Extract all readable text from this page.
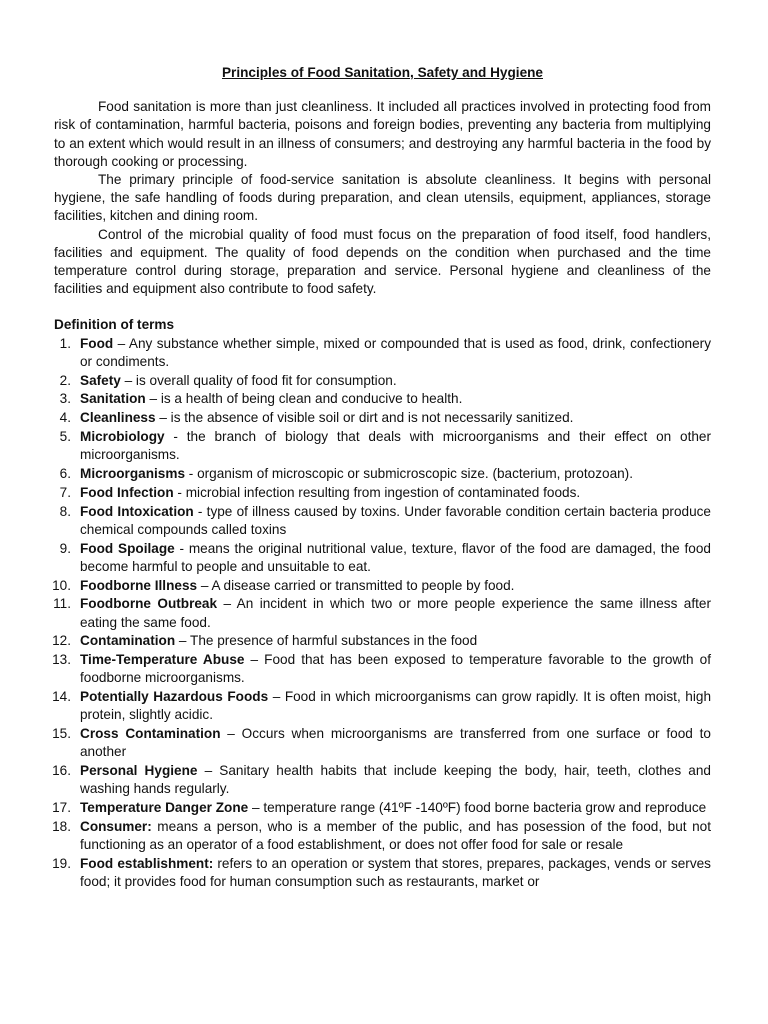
Principles of Food Sanitation, Safety and Hygiene

Food sanitation is more than just cleanliness. It included all practices involved in protecting food from risk of contamination, harmful bacteria, poisons and foreign bodies, preventing any bacteria from multiplying to an extent which would result in an illness of consumers; and destroying any harmful bacteria in the food by thorough cooking or processing.

The primary principle of food-service sanitation is absolute cleanliness. It begins with personal hygiene, the safe handling of foods during preparation, and clean utensils, equipment, appliances, storage facilities, kitchen and dining room.

Control of the microbial quality of food must focus on the preparation of food itself, food handlers, facilities and equipment. The quality of food depends on the condition when purchased and the time temperature control during storage, preparation and service. Personal hygiene and cleanliness of the facilities and equipment also contribute to food safety.

Definition of terms
1. Food – Any substance whether simple, mixed or compounded that is used as food, drink, confectionery or condiments.
2. Safety – is overall quality of food fit for consumption.
3. Sanitation – is a health of being clean and conducive to health.
4. Cleanliness – is the absence of visible soil or dirt and is not necessarily sanitized.
5. Microbiology - the branch of biology that deals with microorganisms and their effect on other microorganisms.
6. Microorganisms - organism of microscopic or submicroscopic size. (bacterium, protozoan).
7. Food Infection - microbial infection resulting from ingestion of contaminated foods.
8. Food Intoxication - type of illness caused by toxins. Under favorable condition certain bacteria produce chemical compounds called toxins
9. Food Spoilage - means the original nutritional value, texture, flavor of the food are damaged, the food become harmful to people and unsuitable to eat.
10. Foodborne Illness – A disease carried or transmitted to people by food.
11. Foodborne Outbreak – An incident in which two or more people experience the same illness after eating the same food.
12. Contamination – The presence of harmful substances in the food
13. Time-Temperature Abuse – Food that has been exposed to temperature favorable to the growth of foodborne microorganisms.
14. Potentially Hazardous Foods – Food in which microorganisms can grow rapidly. It is often moist, high protein, slightly acidic.
15. Cross Contamination – Occurs when microorganisms are transferred from one surface or food to another
16. Personal Hygiene – Sanitary health habits that include keeping the body, hair, teeth, clothes and washing hands regularly.
17. Temperature Danger Zone – temperature range (41ºF -140ºF) food borne bacteria grow and reproduce
18. Consumer: means a person, who is a member of the public, and has posession of the food, but not functioning as an operator of a food establishment, or does not offer food for sale or resale
19. Food establishment: refers to an operation or system that stores, prepares, packages, vends or serves food; it provides food for human consumption such as restaurants, market or
